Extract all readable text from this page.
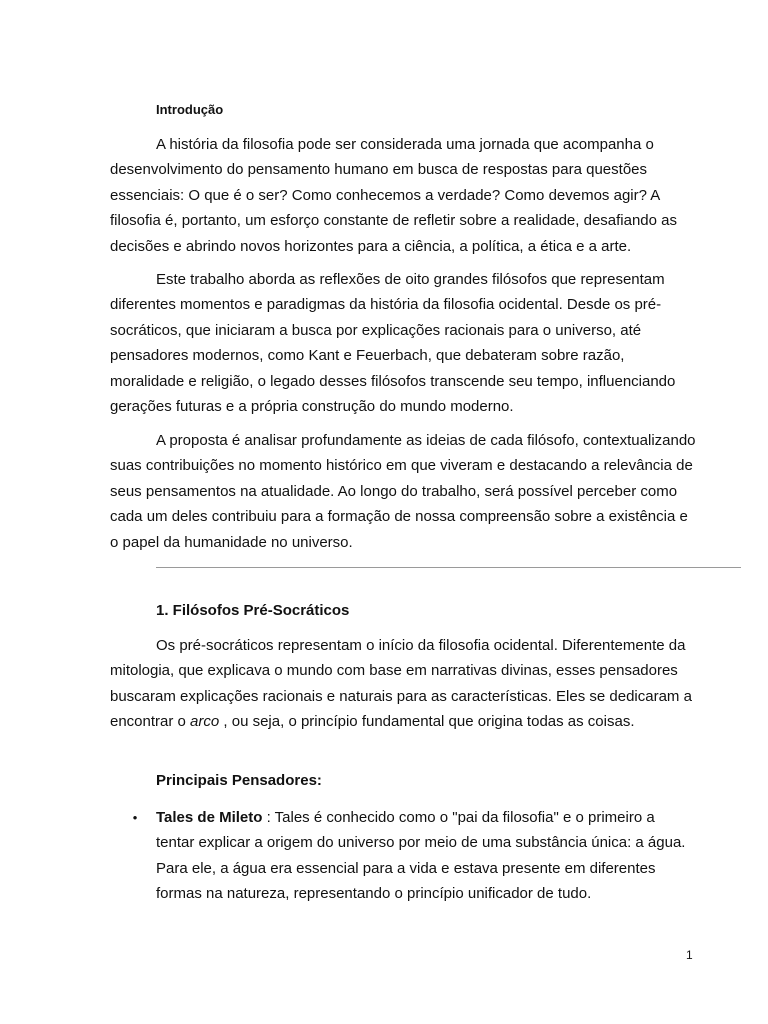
Introdução

A história da filosofia pode ser considerada uma jornada que acompanha o desenvolvimento do pensamento humano em busca de respostas para questões essenciais: O que é o ser? Como conhecemos a verdade? Como devemos agir? A filosofia é, portanto, um esforço constante de refletir sobre a realidade, desafiando as decisões e abrindo novos horizontes para a ciência, a política, a ética e a arte.

Este trabalho aborda as reflexões de oito grandes filósofos que representam diferentes momentos e paradigmas da história da filosofia ocidental. Desde os pré-socráticos, que iniciaram a busca por explicações racionais para o universo, até pensadores modernos, como Kant e Feuerbach, que debateram sobre razão, moralidade e religião, o legado desses filósofos transcende seu tempo, influenciando gerações futuras e a própria construção do mundo moderno.

A proposta é analisar profundamente as ideias de cada filósofo, contextualizando suas contribuições no momento histórico em que viveram e destacando a relevância de seus pensamentos na atualidade. Ao longo do trabalho, será possível perceber como cada um deles contribuiu para a formação de nossa compreensão sobre a existência e o papel da humanidade no universo.

1. Filósofos Pré-Socráticos

Os pré-socráticos representam o início da filosofia ocidental. Diferentemente da mitologia, que explicava o mundo com base em narrativas divinas, esses pensadores buscaram explicações racionais e naturais para as características. Eles se dedicaram a encontrar o arco , ou seja, o princípio fundamental que origina todas as coisas.

Principais Pensadores:
• Tales de Mileto : Tales é conhecido como o "pai da filosofia" e o primeiro a tentar explicar a origem do universo por meio de uma substância única: a água. Para ele, a água era essencial para a vida e estava presente em diferentes formas na natureza, representando o princípio unificador de tudo.
1
